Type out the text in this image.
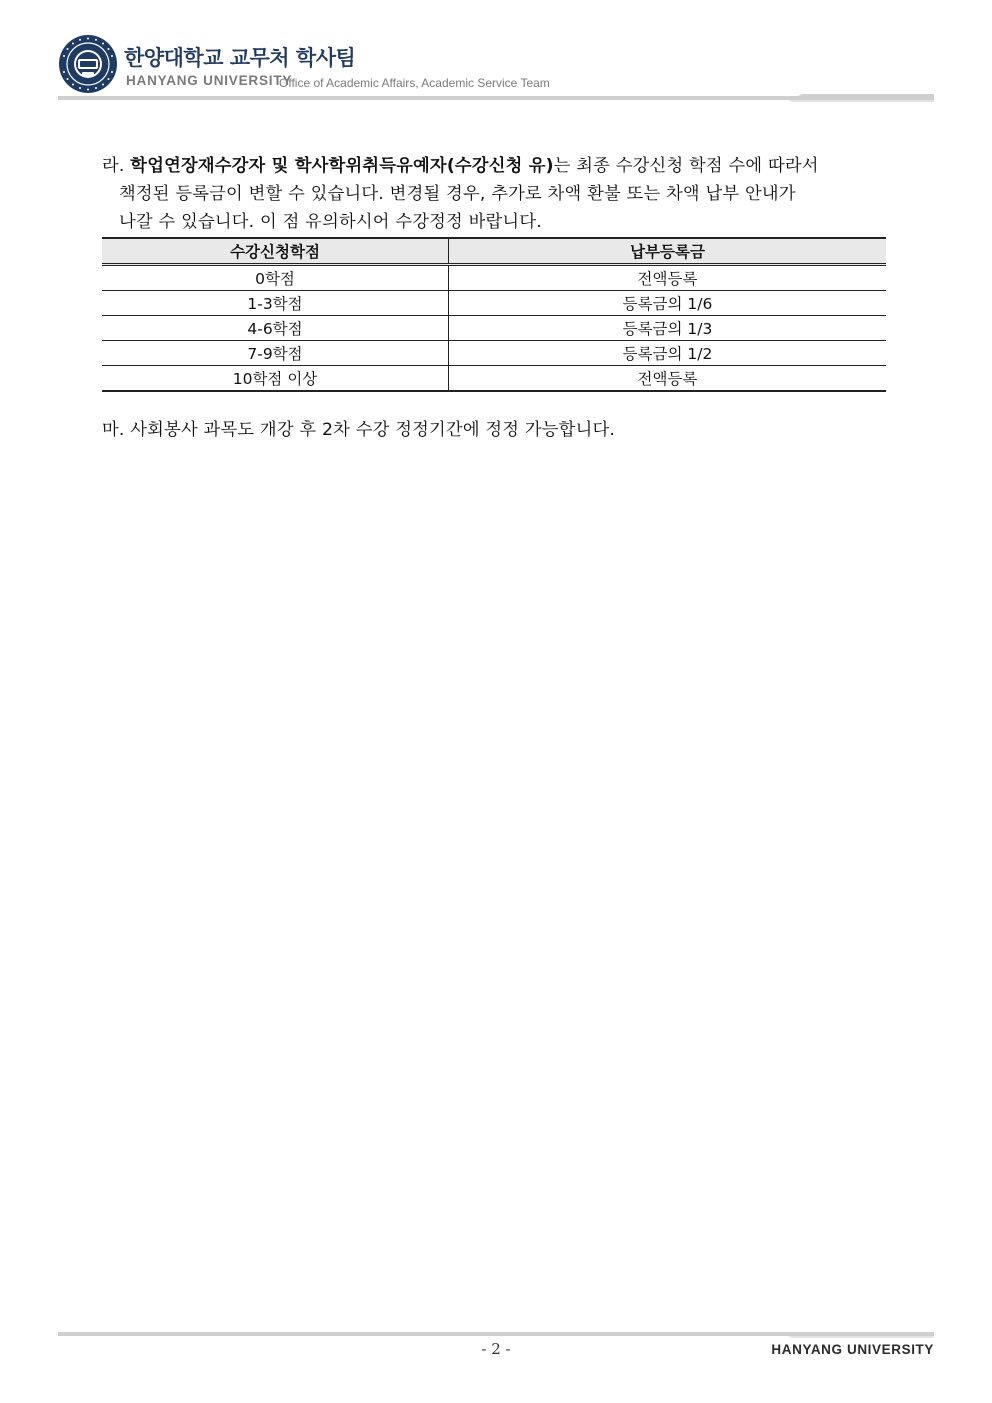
한양대학교 교무처 학사팀
HANYANG UNIVERSITY
Office of Academic Affairs, Academic Service Team
라. 학업연장재수강자 및 학사학위취득유예자(수강신청 유)는 최종 수강신청 학점 수에 따라서
책정된 등록금이 변할 수 있습니다. 변경될 경우, 추가로 차액 환불 또는 차액 납부 안내가
나갈 수 있습니다. 이 점 유의하시어 수강정정 바랍니다.
수강신청학점	납부등록금
0학점	전액등록
1-3학점	등록금의 1/6
4-6학점	등록금의 1/3
7-9학점	등록금의 1/2
10학점 이상	전액등록
마. 사회봉사 과목도 개강 후 2차 수강 정정기간에 정정 가능합니다.
- 2 -	HANYANG UNIVERSITY
